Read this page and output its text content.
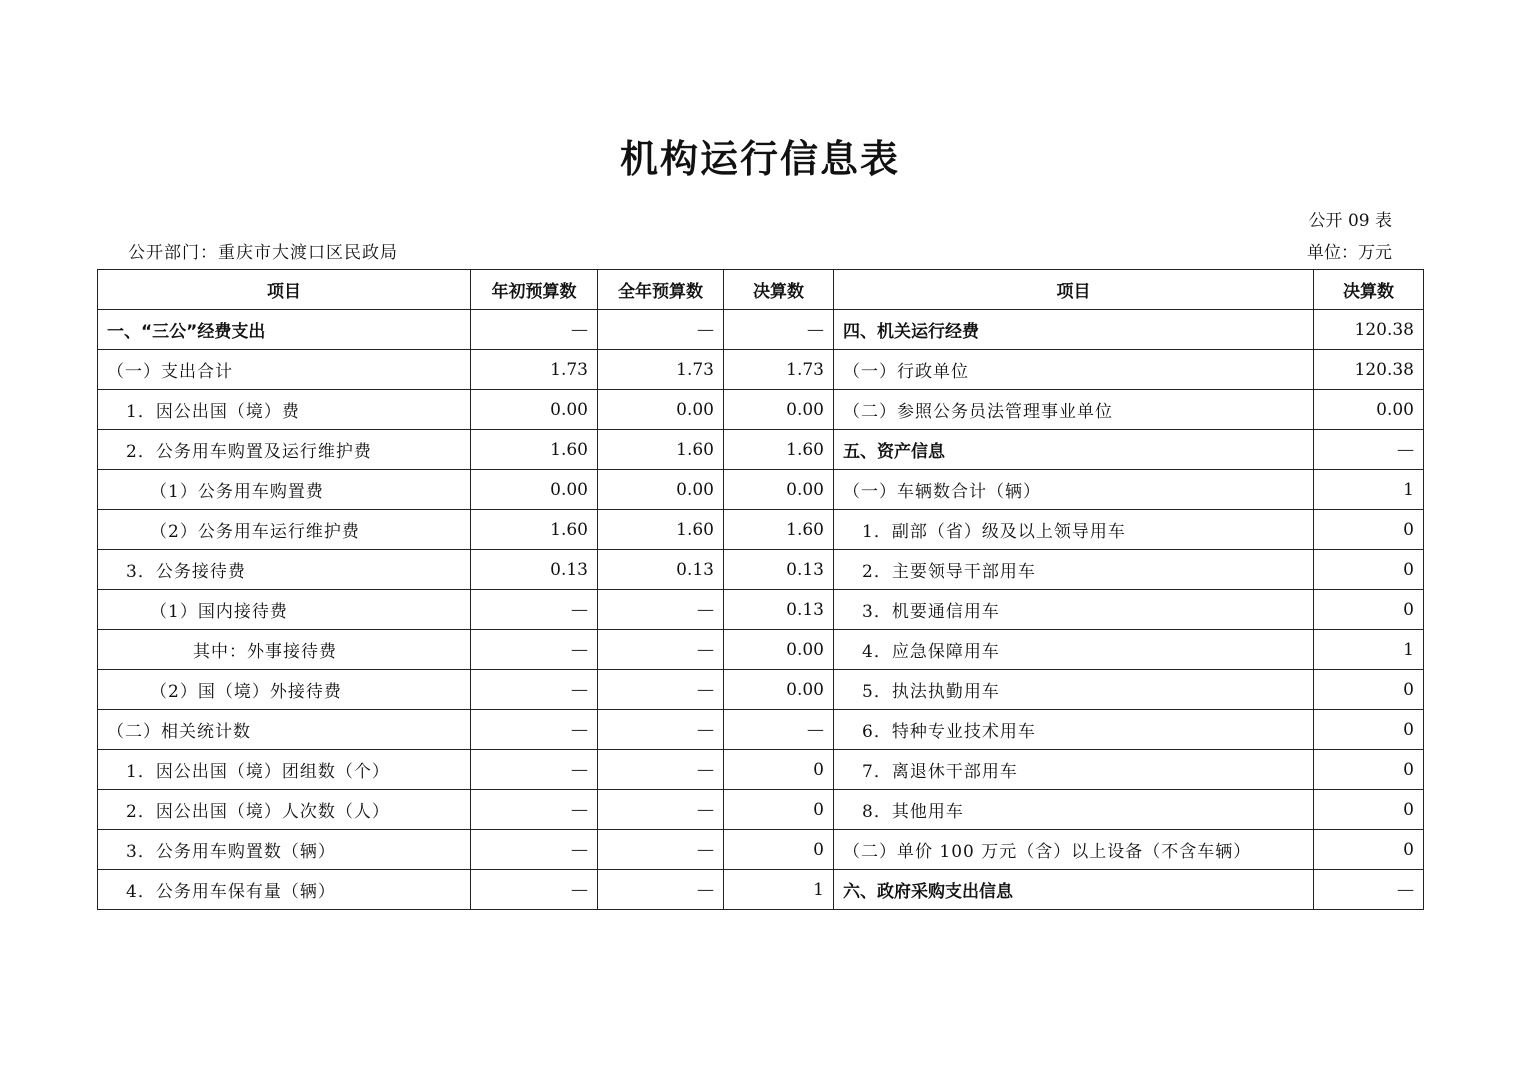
机构运行信息表
公开 09 表
公开部门：重庆市大渡口区民政局	单位：万元
项目	年初预算数	全年预算数	决算数	项目	决算数
一、“三公”经费支出	—	—	—	四、机关运行经费	120.38
（一）支出合计	1.73	1.73	1.73	（一）行政单位	120.38
1．因公出国（境）费	0.00	0.00	0.00	（二）参照公务员法管理事业单位	0.00
2．公务用车购置及运行维护费	1.60	1.60	1.60	五、资产信息	—
（1）公务用车购置费	0.00	0.00	0.00	（一）车辆数合计（辆）	1
（2）公务用车运行维护费	1.60	1.60	1.60	1．副部（省）级及以上领导用车	0
3．公务接待费	0.13	0.13	0.13	2．主要领导干部用车	0
（1）国内接待费	—	—	0.13	3．机要通信用车	0
其中：外事接待费	—	—	0.00	4．应急保障用车	1
（2）国（境）外接待费	—	—	0.00	5．执法执勤用车	0
（二）相关统计数	—	—	—	6．特种专业技术用车	0
1．因公出国（境）团组数（个）	—	—	0	7．离退休干部用车	0
2．因公出国（境）人次数（人）	—	—	0	8．其他用车	0
3．公务用车购置数（辆）	—	—	0	（二）单价 100 万元（含）以上设备（不含车辆）	0
4．公务用车保有量（辆）	—	—	1	六、政府采购支出信息	—
